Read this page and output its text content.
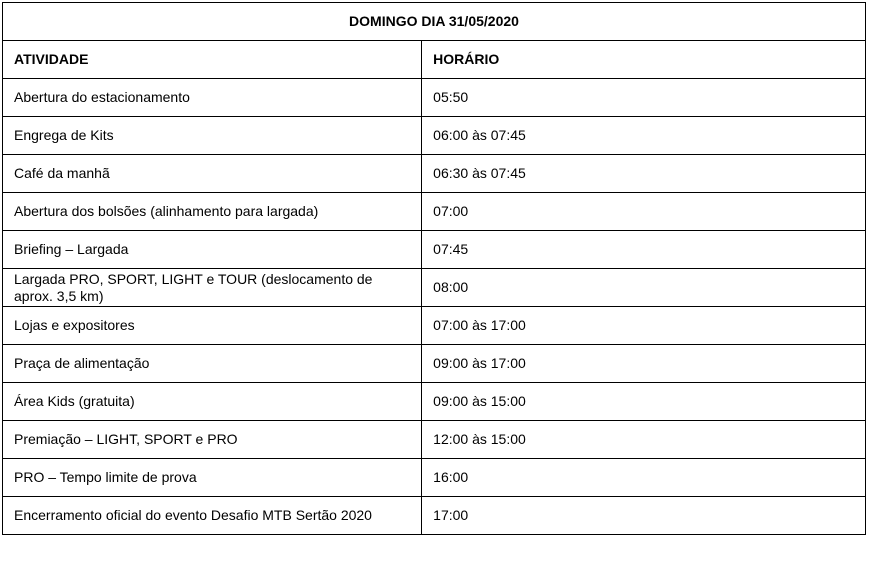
DOMINGO DIA 31/05/2020	
ATIVIDADE	HORÁRIO
Abertura do estacionamento	05:50
Engrega de Kits	06:00 às 07:45
Café da manhã	06:30 às 07:45
Abertura dos bolsões (alinhamento para largada)	07:00
Briefing – Largada	07:45
Largada PRO, SPORT, LIGHT e TOUR (deslocamento de aprox. 3,5 km)	08:00
Lojas e expositores	07:00 às 17:00
Praça de alimentação	09:00 às 17:00
Área Kids (gratuita)	09:00 às 15:00
Premiação – LIGHT, SPORT e PRO	12:00 às 15:00
PRO – Tempo limite de prova	16:00
Encerramento oficial do evento Desafio MTB Sertão 2020	17:00
